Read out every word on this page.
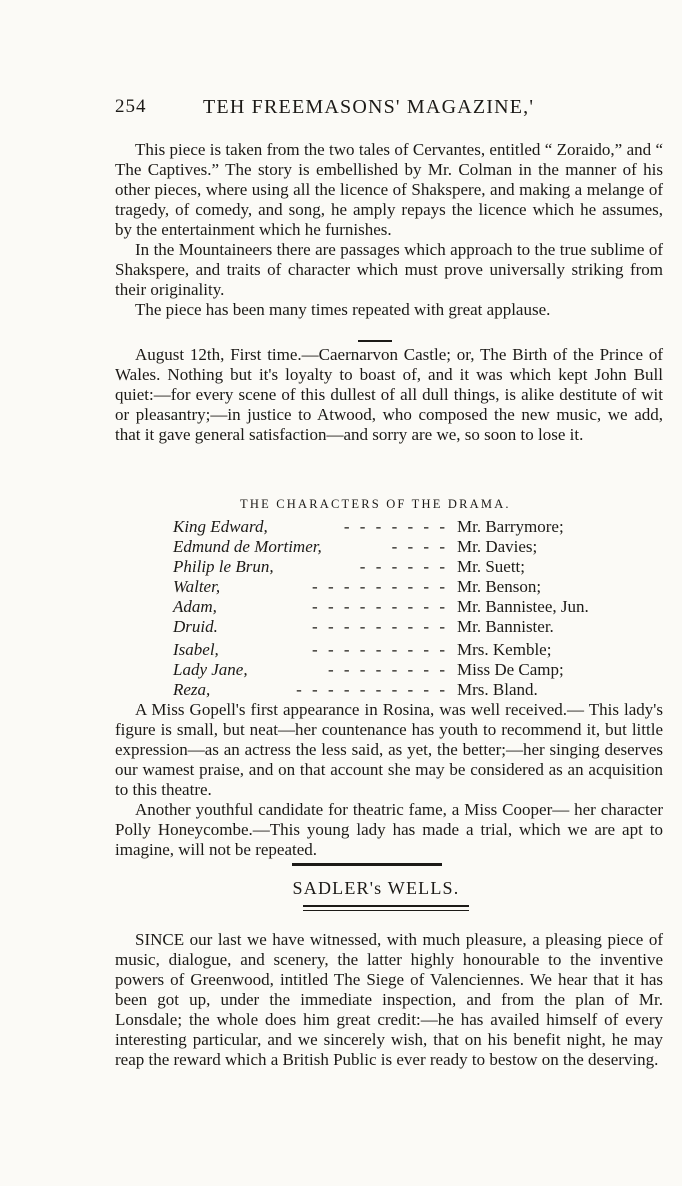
254	TEH FREEMASONS' MAGAZINE,'

This piece is taken from the two tales of Cervantes, entitled “ Zoraido,” and “ The Captives.” The story is embellished by Mr. Colman in the manner of his other pieces, where using all the licence of Shakspere, and making a melange of tragedy, of comedy, and song, he amply repays the licence which he assumes, by the entertainment which he furnishes.

In the Mountaineers there are passages which approach to the true sublime of Shakspere, and traits of character which must prove universally striking from their originality.

The piece has been many times repeated with great applause.

August 12th, First time.—Caernarvon Castle; or, The Birth of the Prince of Wales. Nothing but it's loyalty to boast of, and it was which kept John Bull quiet:—for every scene of this dullest of all dull things, is alike destitute of wit or pleasantry;—in justice to Atwood, who composed the new music, we add, that it gave general satisfaction—and sorry are we, so soon to lose it.

THE CHARACTERS OF THE DRAMA.
King Edward,	- - - - - - - Mr. Barrymore;
Edmund de Mortimer,	- - - - Mr. Davies;
Philip le Brun,	- - - - - - Mr. Suett;
Walter,	- - - - - - - - - Mr. Benson;
Adam,	- - - - - - - - - Mr. Bannistee, Jun.
Druid.	- - - - - - - - - Mr. Bannister.
Isabel,	- - - - - - - - - Mrs. Kemble;
Lady Jane,	- - - - - - - - Miss De Camp;
Reza,	- - - - - - - - - - Mrs. Bland.

A Miss Gopell's first appearance in Rosina, was well received.— This lady's figure is small, but neat—her countenance has youth to recommend it, but little expression—as an actress the less said, as yet, the better;—her singing deserves our wamest praise, and on that account she may be considered as an acquisition to this theatre.

Another youthful candidate for theatric fame, a Miss Cooper— her character Polly Honeycombe.—This young lady has made a trial, which we are apt to imagine, will not be repeated.

SADLER's WELLS.

SINCE our last we have witnessed, with much pleasure, a pleasing piece of music, dialogue, and scenery, the latter highly honourable to the inventive powers of Greenwood, intitled The Siege of Valenciennes. We hear that it has been got up, under the immediate inspection, and from the plan of Mr. Lonsdale; the whole does him great credit:—he has availed himself of every interesting particular, and we sincerely wish, that on his benefit night, he may reap the reward which a British Public is ever ready to bestow on the deserving.
